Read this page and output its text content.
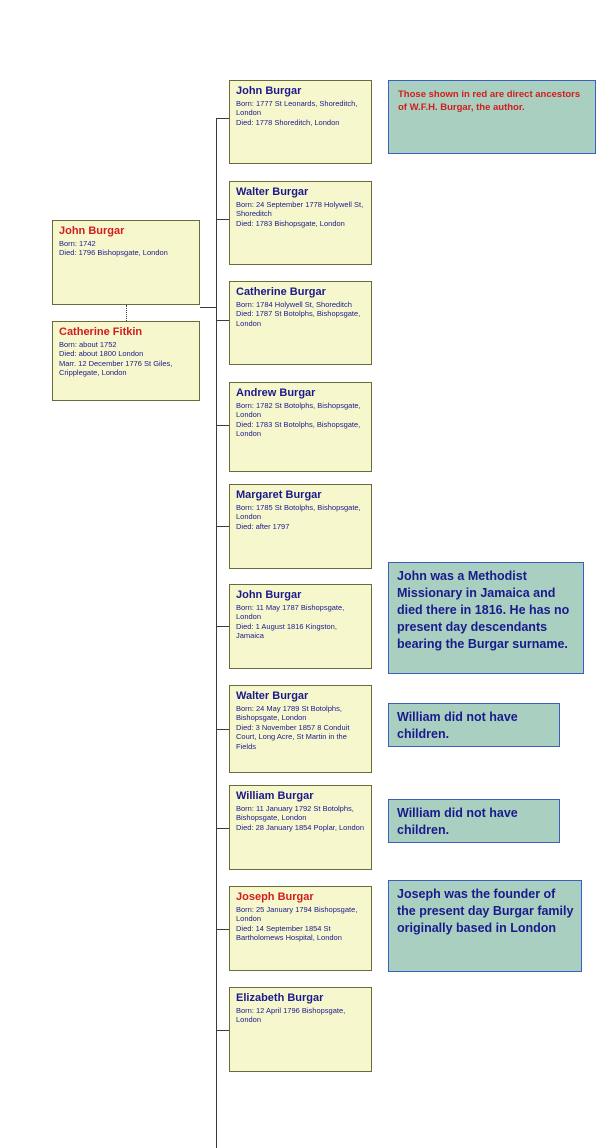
Those shown in red are direct ancestors of W.F.H. Burgar, the author.
John Burgar
Born: 1742
Died: 1796 Bishopsgate, London
Catherine Fitkin
Born: about 1752
Died: about 1800 London
Marr. 12 December 1776 St Giles, Cripplegate, London
John Burgar
Born: 1777 St Leonards, Shoreditch, London
Died: 1778 Shoreditch, London
Walter Burgar
Born: 24 September 1778 Holywell St, Shoreditch
Died: 1783 Bishopsgate, London
Catherine Burgar
Born: 1784 Holywell St, Shoreditch
Died: 1787 St Botolphs, Bishopsgate, London
Andrew Burgar
Born: 1782 St Botolphs, Bishopsgate, London
Died: 1783 St Botolphs, Bishopsgate, London
Margaret Burgar
Born: 1785 St Botolphs, Bishopsgate, London
Died: after 1797
John Burgar
Born: 11 May 1787 Bishopsgate, London
Died: 1 August 1816 Kingston, Jamaica
Walter Burgar
Born: 24 May 1789 St Botolphs, Bishopsgate, London
Died: 3 November 1857 8 Conduit Court, Long Acre, St Martin in the Fields
William Burgar
Born: 11 January 1792 St Botolphs, Bishopsgate, London
Died: 28 January 1854 Poplar, London
Joseph Burgar
Born: 25 January 1794 Bishopsgate, London
Died: 14 September 1854 St Bartholomews Hospital, London
Elizabeth Burgar
Born: 12 April 1796 Bishopsgate, London
John was a Methodist Missionary in Jamaica and died there in 1816. He has no present day descendants bearing the Burgar surname.
William did not have children.
William did not have children.
Joseph was the founder of the present day Burgar family originally based in London
